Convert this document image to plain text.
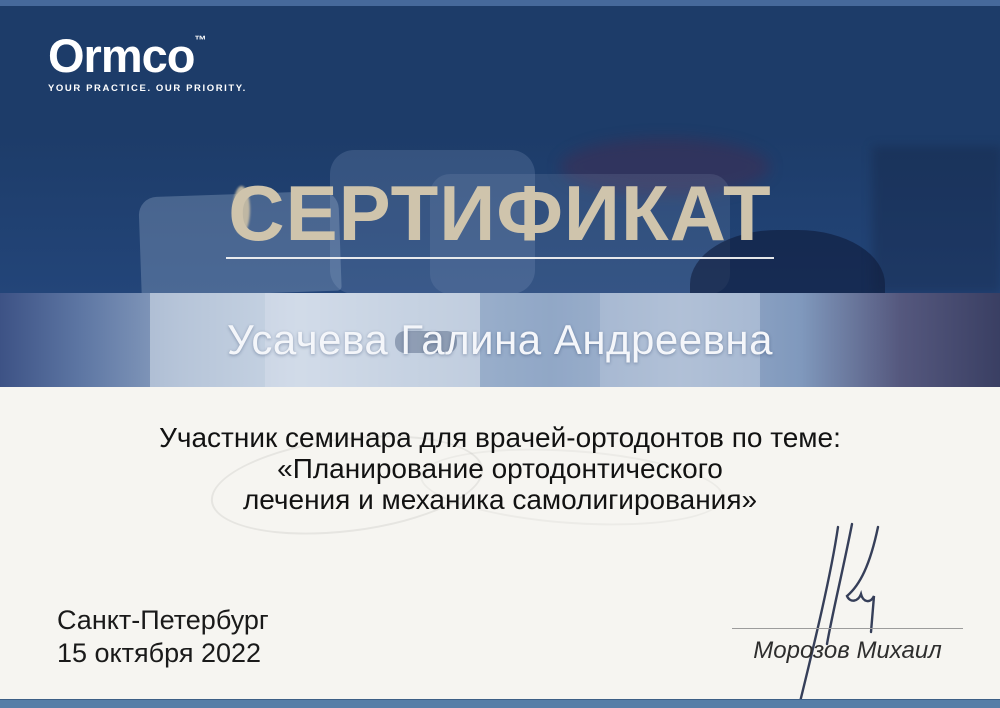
Ormco™
YOUR PRACTICE. OUR PRIORITY.
СЕРТИФИКАТ
Усачева Галина Андреевна
Участник семинара для врачей-ортодонтов по теме:
«Планирование ортодонтического
лечения и механика самолигирования»
Санкт-Петербург
15 октября 2022	Морозов Михаил
